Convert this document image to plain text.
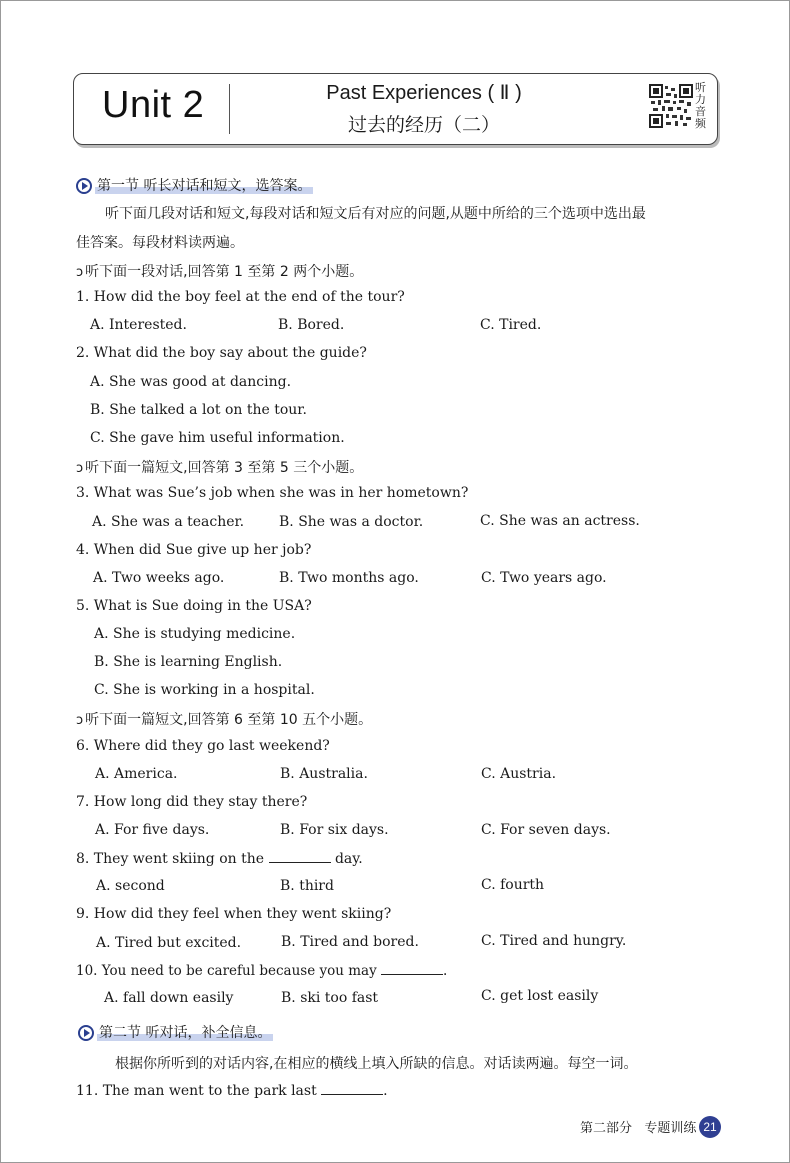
Unit 2	Past Experiences ( Ⅱ )
过去的经历（二）
听力音频
第一节 听长对话和短文，选答案。
听下面几段对话和短文,每段对话和短文后有对应的问题,从题中所给的三个选项中选出最
佳答案。每段材料读两遍。
ↄ 听下面一段对话,回答第 1 至第 2 两个小题。
1. How did the boy feel at the end of the tour?
A. Interested.	B. Bored.	C. Tired.
2. What did the boy say about the guide?
A. She was good at dancing.
B. She talked a lot on the tour.
C. She gave him useful information.
ↄ 听下面一篇短文,回答第 3 至第 5 三个小题。
3. What was Sue’s job when she was in her hometown?
A. She was a teacher. B. She was a doctor.	C. She was an actress.
4. When did Sue give up her job?
A. Two weeks ago.	B. Two months ago.	C. Two years ago.
5. What is Sue doing in the USA?
A. She is studying medicine.
B. She is learning English.
C. She is working in a hospital.
ↄ 听下面一篇短文,回答第 6 至第 10 五个小题。
6. Where did they go last weekend?
A. America.	B. Australia.	C. Austria.
7. How long did they stay there?
A. For five days.	B. For six days.	C. For seven days.
8. They went skiing on the	day.
A. second	B. third	C. fourth
9. How did they feel when they went skiing?
A. Tired but excited.	B. Tired and bored.	C. Tired and hungry.
10. You need to be careful because you may	.
A. fall down easily	B. ski too fast	C. get lost easily
第二节 听对话，补全信息。
根据你所听到的对话内容,在相应的横线上填入所缺的信息。对话读两遍。每空一词。
11. The man went to the park last	.
第二部分 专题训练 21
